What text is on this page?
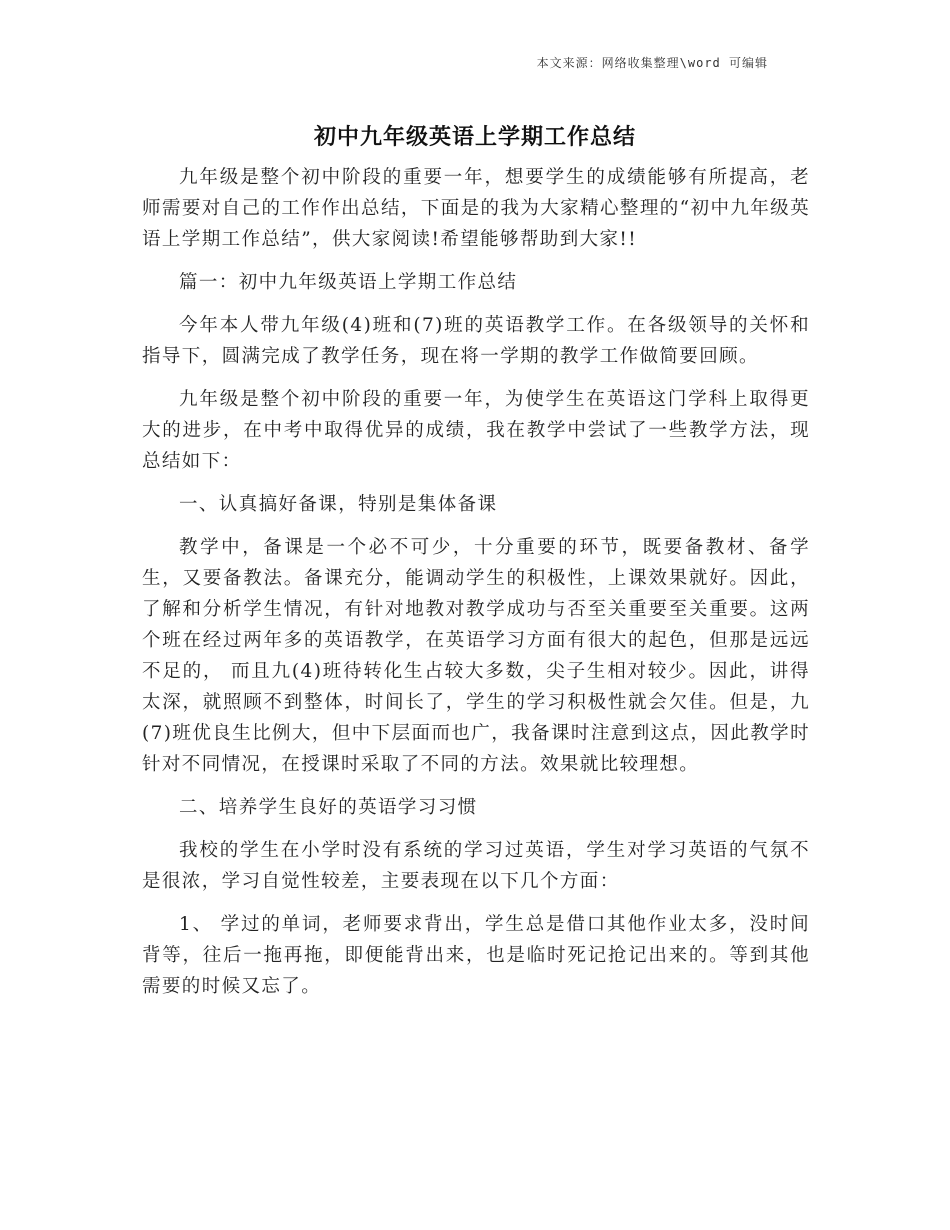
本文来源：网络收集整理\word 可编辑
初中九年级英语上学期工作总结

九年级是整个初中阶段的重要一年，想要学生的成绩能够有所提高，老师需要对自己的工作作出总结，下面是的我为大家精心整理的“初中九年级英语上学期工作总结”，供大家阅读!希望能够帮助到大家!!

篇一：初中九年级英语上学期工作总结

今年本人带九年级(4)班和(7)班的英语教学工作。在各级领导的关怀和指导下，圆满完成了教学任务，现在将一学期的教学工作做简要回顾。

九年级是整个初中阶段的重要一年，为使学生在英语这门学科上取得更大的进步，在中考中取得优异的成绩，我在教学中尝试了一些教学方法，现总结如下：

一、认真搞好备课，特别是集体备课

教学中，备课是一个必不可少，十分重要的环节，既要备教材、备学生，又要备教法。备课充分，能调动学生的积极性，上课效果就好。因此，了解和分析学生情况，有针对地教对教学成功与否至关重要至关重要。这两个班在经过两年多的英语教学，在英语学习方面有很大的起色，但那是远远不足的， 而且九(4)班待转化生占较大多数，尖子生相对较少。因此，讲得太深，就照顾不到整体，时间长了，学生的学习积极性就会欠佳。但是，九(7)班优良生比例大，但中下层面而也广，我备课时注意到这点，因此教学时针对不同情况，在授课时采取了不同的方法。效果就比较理想。

二、培养学生良好的英语学习习惯

我校的学生在小学时没有系统的学习过英语，学生对学习英语的气氛不是很浓，学习自觉性较差，主要表现在以下几个方面：

1、 学过的单词，老师要求背出，学生总是借口其他作业太多，没时间背等，往后一拖再拖，即便能背出来，也是临时死记抢记出来的。等到其他需要的时候又忘了。
